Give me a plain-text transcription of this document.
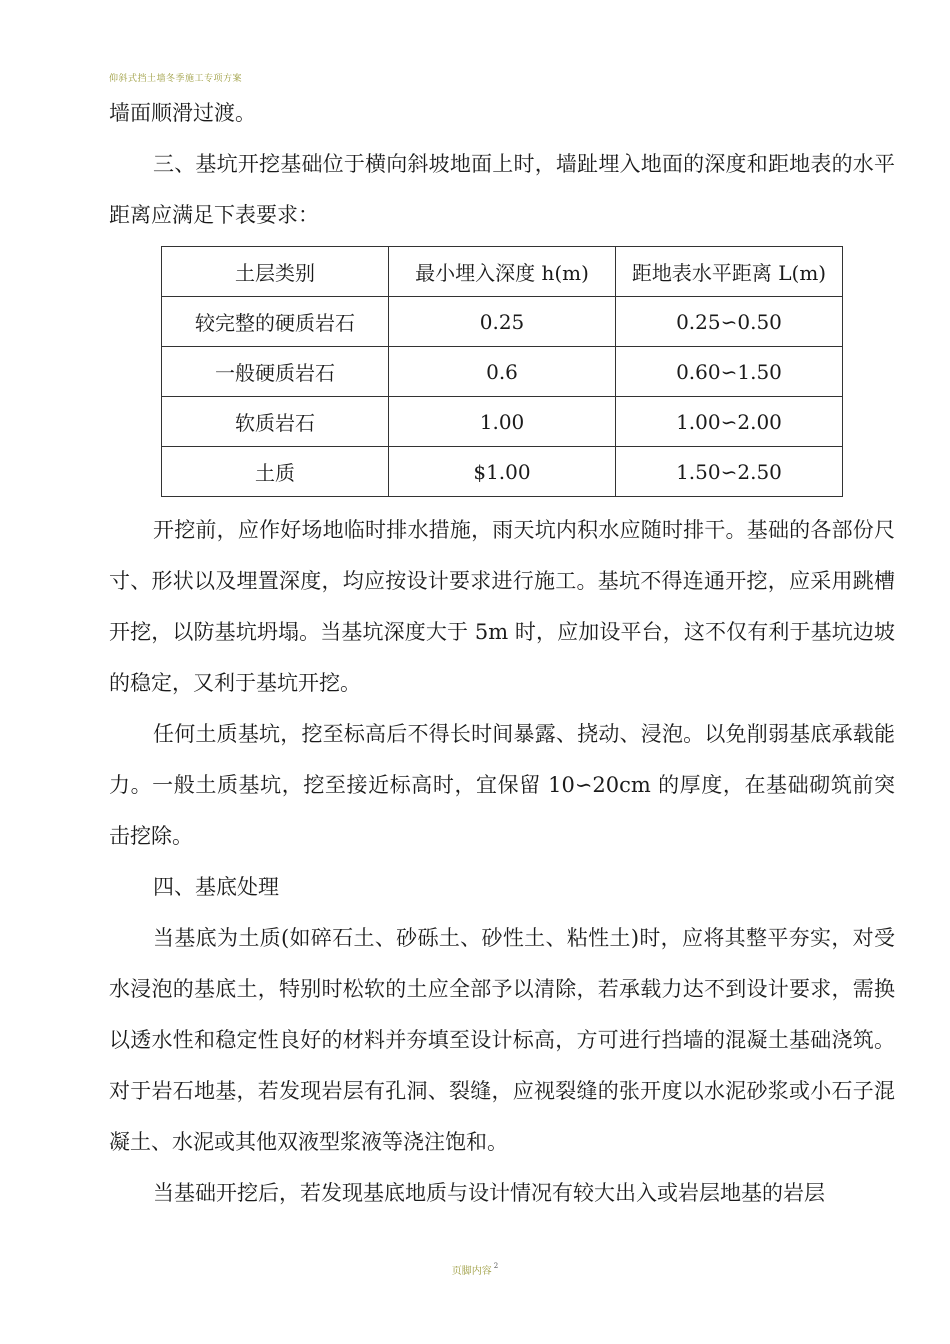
仰斜式挡土墙冬季施工专项方案

墙面顺滑过渡。

三、基坑开挖基础位于横向斜坡地面上时，墙趾埋入地面的深度和距地表的水平距离应满足下表要求：

土层类别	最小埋入深度 h(m)	距地表水平距离 L(m)
较完整的硬质岩石	0.25	0.25∽0.50
一般硬质岩石	0.6	0.60∽1.50
软质岩石	1.00	1.00∽2.00
土质	$1.00	1.50∽2.50

开挖前，应作好场地临时排水措施，雨天坑内积水应随时排干。基础的各部份尺寸、形状以及埋置深度，均应按设计要求进行施工。基坑不得连通开挖，应采用跳槽开挖，以防基坑坍塌。当基坑深度大于 5m 时，应加设平台，这不仅有利于基坑边坡的稳定，又利于基坑开挖。

任何土质基坑，挖至标高后不得长时间暴露、挠动、浸泡。以免削弱基底承载能力。一般土质基坑，挖至接近标高时，宜保留 10∽20cm 的厚度，在基础砌筑前突击挖除。

四、基底处理

当基底为土质(如碎石土、砂砾土、砂性土、粘性土)时，应将其整平夯实，对受水浸泡的基底土，特别时松软的土应全部予以清除，若承载力达不到设计要求，需换以透水性和稳定性良好的材料并夯填至设计标高，方可进行挡墙的混凝土基础浇筑。对于岩石地基，若发现岩层有孔洞、裂缝，应视裂缝的张开度以水泥砂浆或小石子混凝土、水泥或其他双液型浆液等浇注饱和。

当基础开挖后，若发现基底地质与设计情况有较大出入或岩层地基的岩层

页脚内容 $^2$
